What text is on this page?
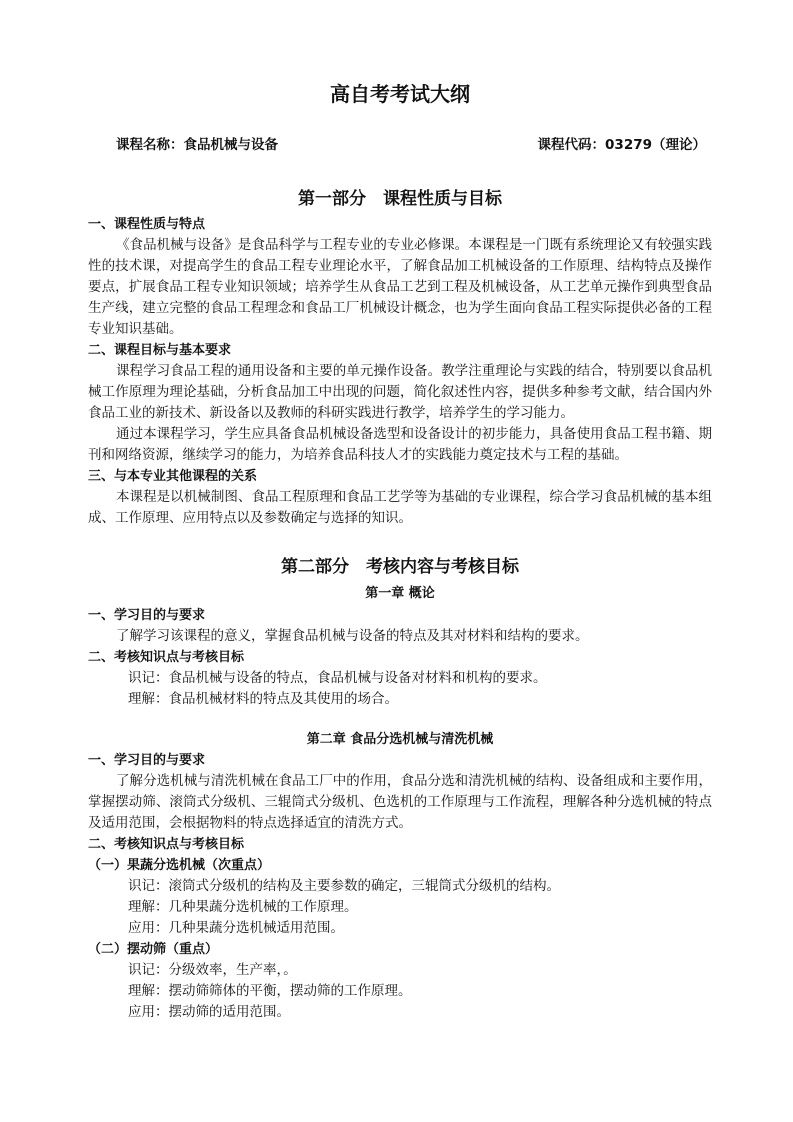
高自考考试大纲
课程名称：食品机械与设备	课程代码：03279（理论）
第一部分　课程性质与目标
一、课程性质与特点
《食品机械与设备》是食品科学与工程专业的专业必修课。本课程是一门既有系统理论又有较强实践
性的技术课，对提高学生的食品工程专业理论水平，了解食品加工机械设备的工作原理、结构特点及操作
要点，扩展食品工程专业知识领域；培养学生从食品工艺到工程及机械设备，从工艺单元操作到典型食品
生产线，建立完整的食品工程理念和食品工厂机械设计概念，也为学生面向食品工程实际提供必备的工程
专业知识基础。
二、课程目标与基本要求
课程学习食品工程的通用设备和主要的单元操作设备。教学注重理论与实践的结合，特别要以食品机
械工作原理为理论基础，分析食品加工中出现的问题，简化叙述性内容，提供多种参考文献，结合国内外
食品工业的新技术、新设备以及教师的科研实践进行教学，培养学生的学习能力。
通过本课程学习，学生应具备食品机械设备选型和设备设计的初步能力，具备使用食品工程书籍、期
刊和网络资源，继续学习的能力，为培养食品科技人才的实践能力奠定技术与工程的基础。
三、与本专业其他课程的关系
本课程是以机械制图、食品工程原理和食品工艺学等为基础的专业课程，综合学习食品机械的基本组
成、工作原理、应用特点以及参数确定与选择的知识。
第二部分　考核内容与考核目标
第一章 概论
一、学习目的与要求
了解学习该课程的意义，掌握食品机械与设备的特点及其对材料和结构的要求。
二、考核知识点与考核目标
识记：食品机械与设备的特点，食品机械与设备对材料和机构的要求。
理解：食品机械材料的特点及其使用的场合。
第二章 食品分选机械与清洗机械
一、学习目的与要求
了解分选机械与清洗机械在食品工厂中的作用，食品分选和清洗机械的结构、设备组成和主要作用，
掌握摆动筛、滚筒式分级机、三辊筒式分级机、色选机的工作原理与工作流程，理解各种分选机械的特点
及适用范围，会根据物料的特点选择适宜的清洗方式。
二、考核知识点与考核目标
（一）果蔬分选机械（次重点）
识记：滚筒式分级机的结构及主要参数的确定，三辊筒式分级机的结构。
理解：几种果蔬分选机械的工作原理。
应用：几种果蔬分选机械适用范围。
（二）摆动筛（重点）
识记：分级效率，生产率，。
理解：摆动筛筛体的平衡，摆动筛的工作原理。
应用：摆动筛的适用范围。
